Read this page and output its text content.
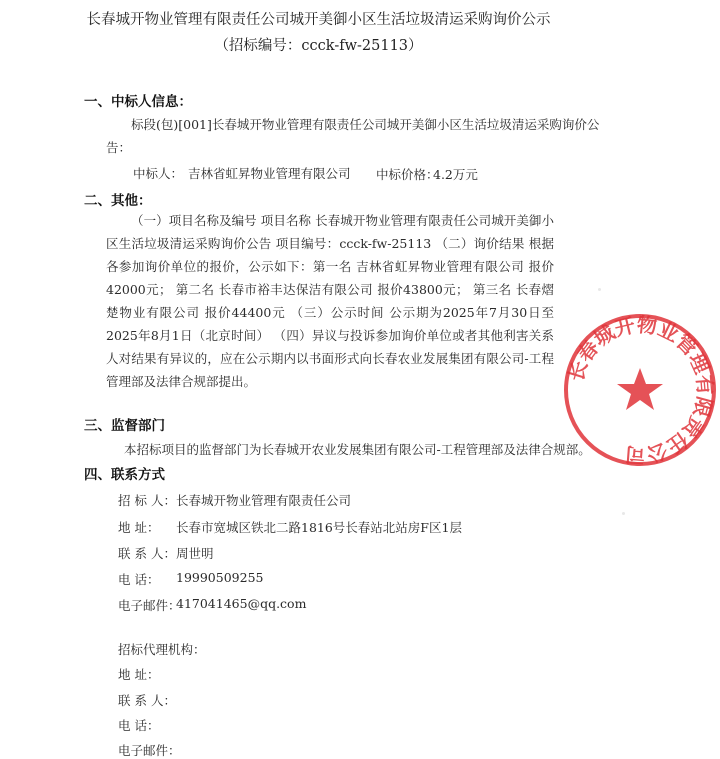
长春城开物业管理有限责任公司城开美御小区生活垃圾清运采购询价公示
（招标编号：ccck-fw-25113）
一、中标人信息：
标段(包)[001]长春城开物业管理有限责任公司城开美御小区生活垃圾清运采购询价公
告：
中标人： 吉林省虹昇物业管理有限公司 中标价格：
4.2万元
二、其他：

（一）项目名称及编号 项目名称 长春城开物业管理有限责任公司城开美御小区生活垃圾清运采购询价公告 项目编号：ccck-fw-25113 （二）询价结果 根据各参加询价单位的报价，公示如下：第一名 吉林省虹昇物业管理有限公司 报价42000元； 第二名 长春市裕丰达保洁有限公司 报价43800元； 第三名 长春熠楚物业有限公司 报价44400元 （三）公示时间 公示期为2025年7月30日至2025年8月1日（北京时间） （四）异议与投诉参加询价单位或者其他利害关系人对结果有异议的，应在公示期内以书面形式向长春农业发展集团有限公司-工程管理部及法律合规部提出。

三、监督部门
本招标项目的监督部门为长春城开农业发展集团有限公司-工程管理部及法律合规部。
四、联系方式
招 标 人： 长春城开物业管理有限责任公司
地 址： 长春市宽城区铁北二路1816号长春站北站房F区1层
联 系 人： 周世明
电 话： 19990509255
电子邮件：
417041465@qq.com
招标代理机构：
地 址：
联 系 人：
电 话：
电子邮件：
长春城开物业管理有限责任公司
